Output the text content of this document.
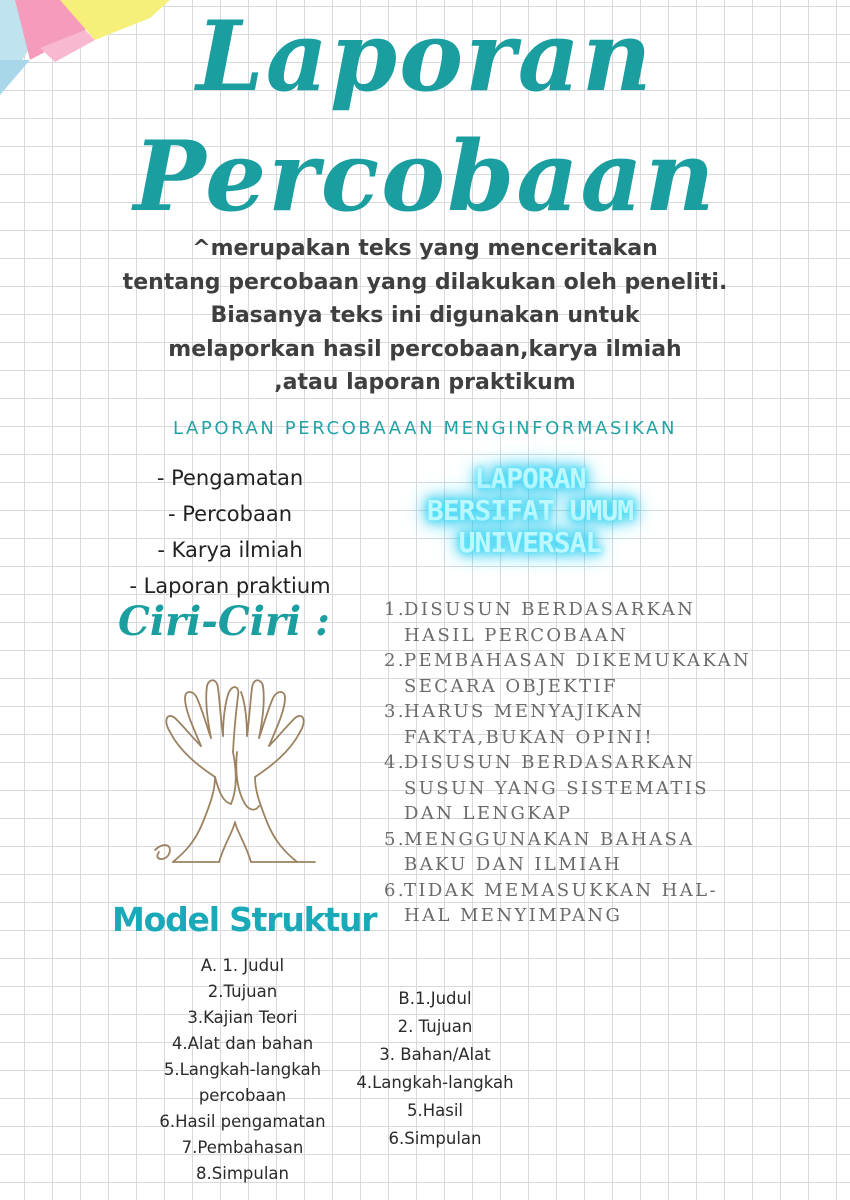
Laporan
Percobaan
^merupakan teks yang menceritakan
tentang percobaan yang dilakukan oleh peneliti.
Biasanya teks ini digunakan untuk
melaporkan hasil percobaan,karya ilmiah
,atau laporan praktikum
LAPORAN PERCOBAAAN MENGINFORMASIKAN
- Pengamatan
- Percobaan
- Karya ilmiah
- Laporan praktium
LAPORAN
BERSIFAT UMUM
UNIVERSAL
Ciri-Ciri :	1.
DISUSUN BERDASARKAN
HASIL PERCOBAAN
2.
PEMBAHASAN DIKEMUKAKAN
SECARA OBJEKTIF
3.
HARUS MENYAJIKAN
FAKTA,BUKAN OPINI!
4.
DISUSUN BERDASARKAN
SUSUN YANG SISTEMATIS
DAN LENGKAP
5.
MENGGUNAKAN BAHASA
BAKU DAN ILMIAH
6.
TIDAK MEMASUKKAN HAL-
HAL MENYIMPANG
Model Struktur
A. 1. Judul
2.Tujuan
3.Kajian Teori
4.Alat dan bahan
5.Langkah-langkah
percobaan
6.Hasil pengamatan
7.Pembahasan
8.Simpulan
B.1.Judul
2. Tujuan
3. Bahan/Alat
4.Langkah-langkah
5.Hasil
6.Simpulan
